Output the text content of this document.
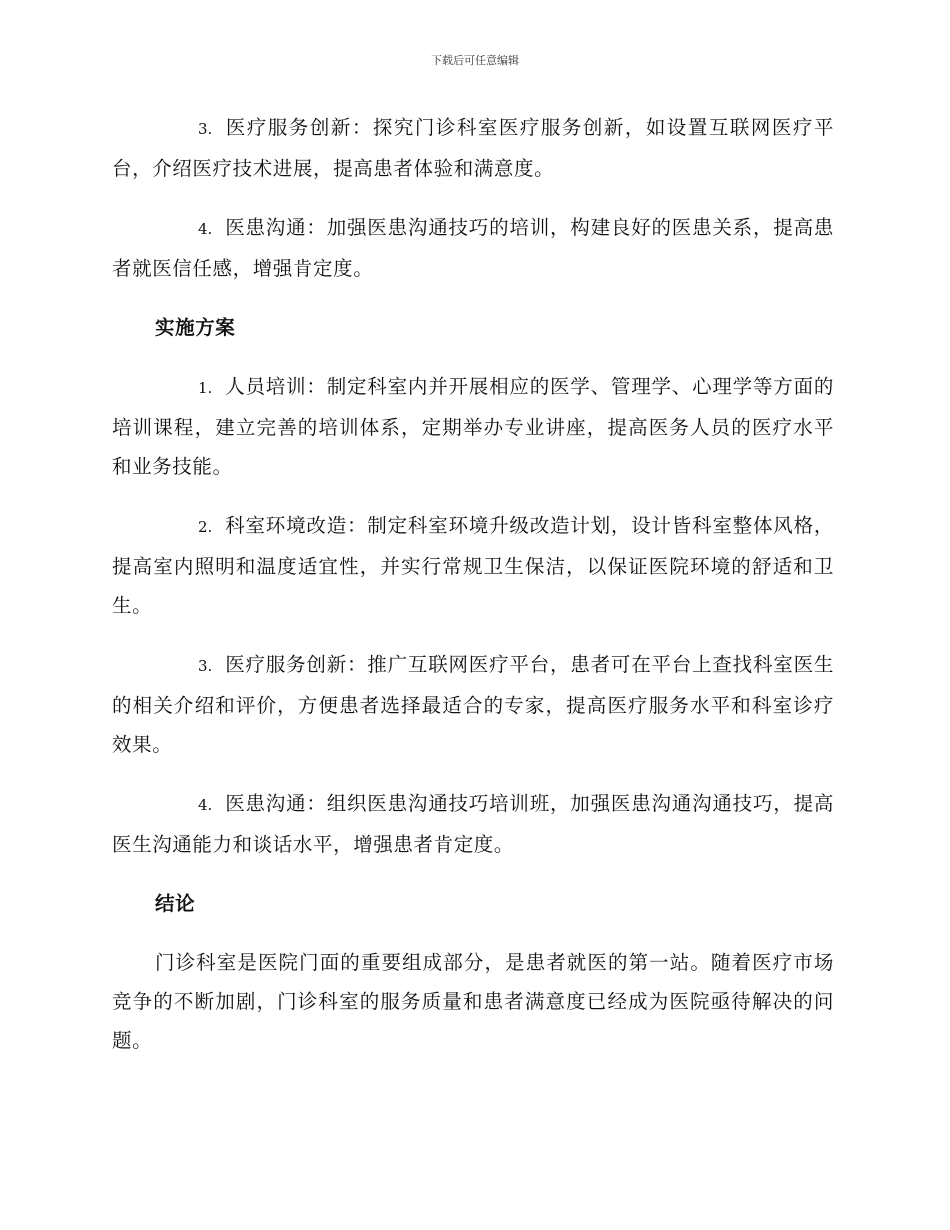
下载后可任意编辑

3. 医疗服务创新：探究门诊科室医疗服务创新，如设置互联网医疗平台，介绍医疗技术进展，提高患者体验和满意度。

4. 医患沟通：加强医患沟通技巧的培训，构建良好的医患关系，提高患者就医信任感，增强肯定度。

实施方案

1. 人员培训：制定科室内并开展相应的医学、管理学、心理学等方面的培训课程，建立完善的培训体系，定期举办专业讲座，提高医务人员的医疗水平和业务技能。

2. 科室环境改造：制定科室环境升级改造计划，设计皆科室整体风格，提高室内照明和温度适宜性，并实行常规卫生保洁，以保证医院环境的舒适和卫生。

3. 医疗服务创新：推广互联网医疗平台，患者可在平台上查找科室医生的相关介绍和评价，方便患者选择最适合的专家，提高医疗服务水平和科室诊疗效果。

4. 医患沟通：组织医患沟通技巧培训班，加强医患沟通沟通技巧，提高医生沟通能力和谈话水平，增强患者肯定度。

结论

门诊科室是医院门面的重要组成部分，是患者就医的第一站。随着医疗市场竞争的不断加剧，门诊科室的服务质量和患者满意度已经成为医院亟待解决的问题。
